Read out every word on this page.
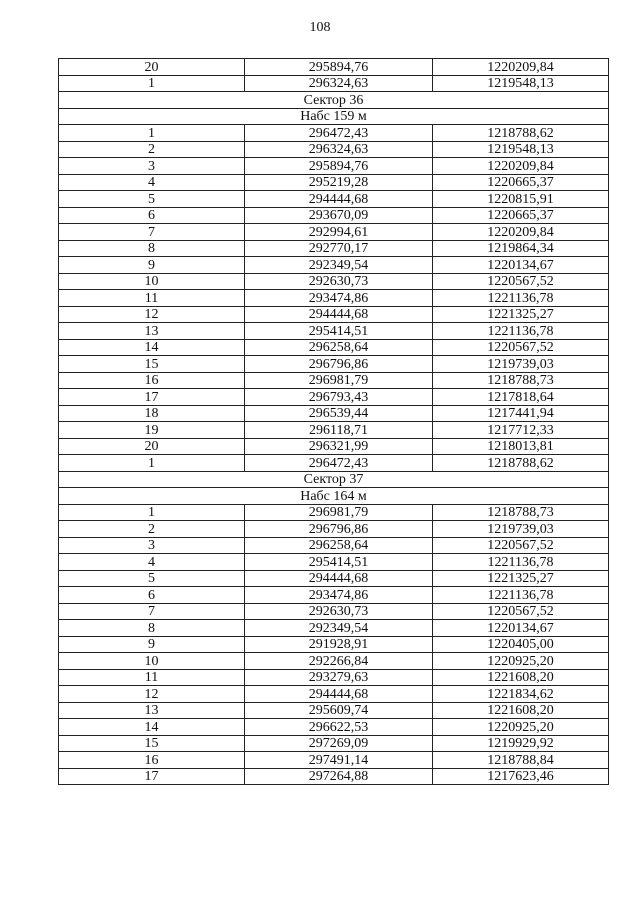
108
20	295894,76	1220209,84
1	296324,63	1219548,13
Сектор 36		
Набс 159 м		
1	296472,43	1218788,62
2	296324,63	1219548,13
3	295894,76	1220209,84
4	295219,28	1220665,37
5	294444,68	1220815,91
6	293670,09	1220665,37
7	292994,61	1220209,84
8	292770,17	1219864,34
9	292349,54	1220134,67
10	292630,73	1220567,52
11	293474,86	1221136,78
12	294444,68	1221325,27
13	295414,51	1221136,78
14	296258,64	1220567,52
15	296796,86	1219739,03
16	296981,79	1218788,73
17	296793,43	1217818,64
18	296539,44	1217441,94
19	296118,71	1217712,33
20	296321,99	1218013,81
1	296472,43	1218788,62
Сектор 37		
Набс 164 м		
1	296981,79	1218788,73
2	296796,86	1219739,03
3	296258,64	1220567,52
4	295414,51	1221136,78
5	294444,68	1221325,27
6	293474,86	1221136,78
7	292630,73	1220567,52
8	292349,54	1220134,67
9	291928,91	1220405,00
10	292266,84	1220925,20
11	293279,63	1221608,20
12	294444,68	1221834,62
13	295609,74	1221608,20
14	296622,53	1220925,20
15	297269,09	1219929,92
16	297491,14	1218788,84
17	297264,88	1217623,46
